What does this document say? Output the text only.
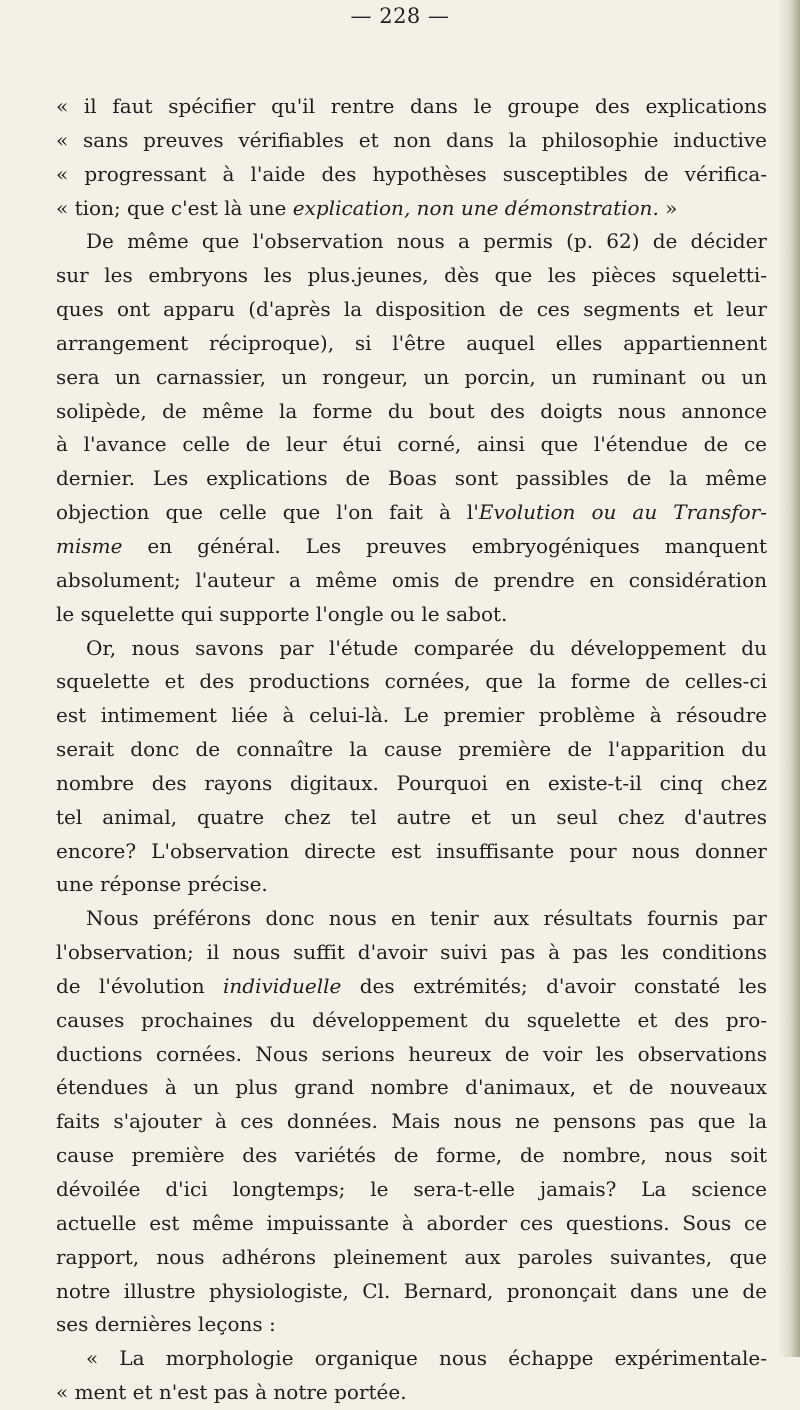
— 228 —
« il faut spécifier qu'il rentre dans le groupe des explications
« sans preuves vérifiables et non dans la philosophie inductive
« progressant à l'aide des hypothèses susceptibles de vérifica-
« tion; que c'est là une explication, non une démonstration. »
De même que l'observation nous a permis (p. 62) de décider
sur les embryons les plus.jeunes, dès que les pièces squeletti-
ques ont apparu (d'après la disposition de ces segments et leur
arrangement réciproque), si l'être auquel elles appartiennent
sera un carnassier, un rongeur, un porcin, un ruminant ou un
solipède, de même la forme du bout des doigts nous annonce
à l'avance celle de leur étui corné, ainsi que l'étendue de ce
dernier. Les explications de Boas sont passibles de la même
objection que celle que l'on fait à l'Evolution ou au Transfor-
misme en général. Les preuves embryogéniques manquent
absolument; l'auteur a même omis de prendre en considération
le squelette qui supporte l'ongle ou le sabot.
Or, nous savons par l'étude comparée du développement du
squelette et des productions cornées, que la forme de celles-ci
est intimement liée à celui-là. Le premier problème à résoudre
serait donc de connaître la cause première de l'apparition du
nombre des rayons digitaux. Pourquoi en existe-t-il cinq chez
tel animal, quatre chez tel autre et un seul chez d'autres
encore? L'observation directe est insuffisante pour nous donner
une réponse précise.
Nous préférons donc nous en tenir aux résultats fournis par
l'observation; il nous suffit d'avoir suivi pas à pas les conditions
de l'évolution individuelle des extrémités; d'avoir constaté les
causes prochaines du développement du squelette et des pro-
ductions cornées. Nous serions heureux de voir les observations
étendues à un plus grand nombre d'animaux, et de nouveaux
faits s'ajouter à ces données. Mais nous ne pensons pas que la
cause première des variétés de forme, de nombre, nous soit
dévoilée d'ici longtemps; le sera-t-elle jamais? La science
actuelle est même impuissante à aborder ces questions. Sous ce
rapport, nous adhérons pleinement aux paroles suivantes, que
notre illustre physiologiste, Cl. Bernard, prononçait dans une de
ses dernières leçons :
« La morphologie organique nous échappe expérimentale-
« ment et n'est pas à notre portée.
